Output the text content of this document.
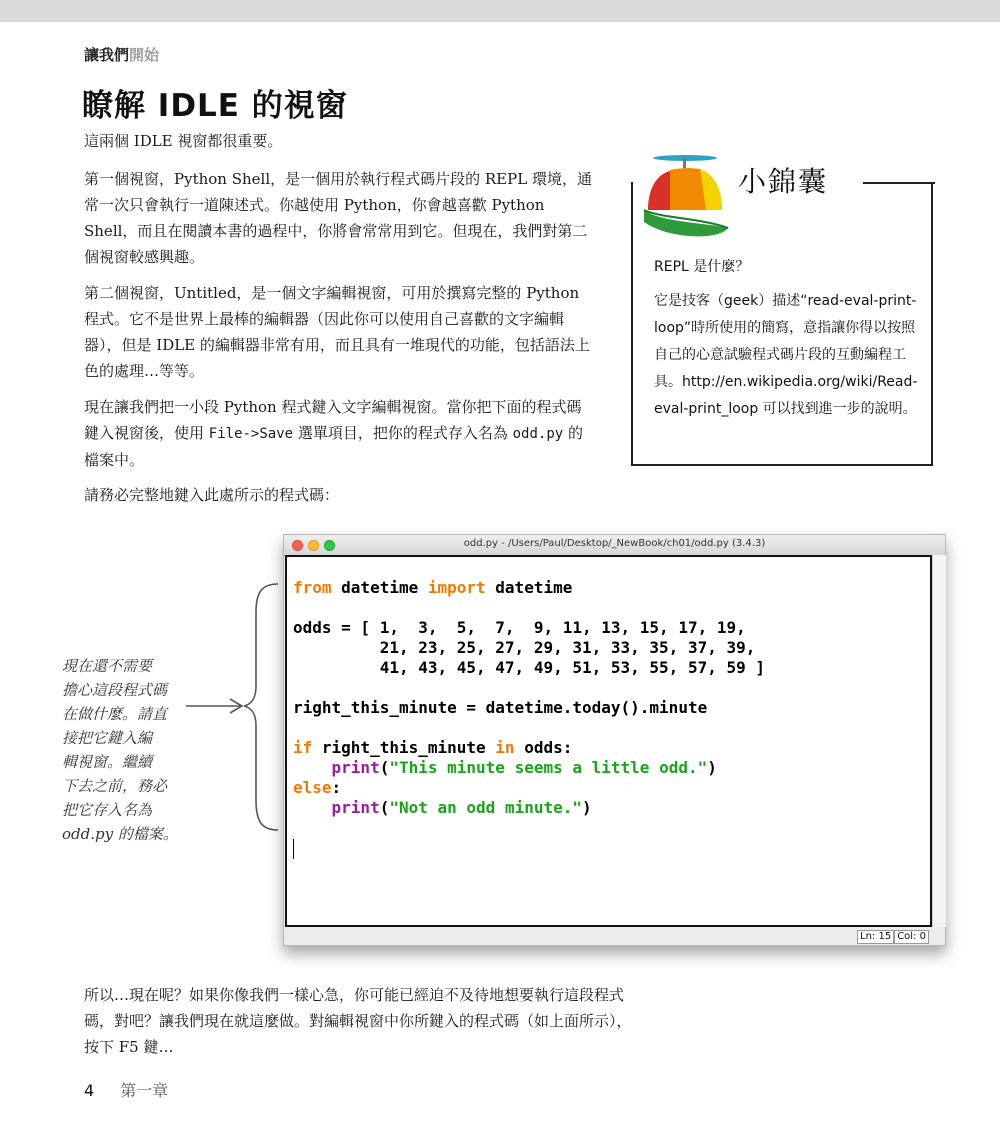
讓我們開始
瞭解 IDLE 的視窗

這兩個 IDLE 視窗都很重要。

第一個視窗，Python Shell，是一個用於執行程式碼片段的 REPL 環境，通常一次只會執行一道陳述式。你越使用 Python，你會越喜歡 Python Shell，而且在閱讀本書的過程中，你將會常常用到它。但現在，我們對第二個視窗較感興趣。

第二個視窗，Untitled，是一個文字編輯視窗，可用於撰寫完整的 Python 程式。它不是世界上最棒的編輯器（因此你可以使用自己喜歡的文字編輯器），但是 IDLE 的編輯器非常有用，而且具有一堆現代的功能，包括語法上色的處理…等等。

現在讓我們把一小段 Python 程式鍵入文字編輯視窗。當你把下面的程式碼鍵入視窗後，使用 File->Save 選單項目，把你的程式存入名為 odd.py 的檔案中。

請務必完整地鍵入此處所示的程式碼：

小錦囊

REPL 是什麼？

它是技客（geek）描述“read-eval-print-loop”時所使用的簡寫，意指讓你得以按照自己的心意試驗程式碼片段的互動編程工具。http://en.wikipedia.org/wiki/Read-eval-print_loop 可以找到進一步的說明。

現在還不需要
擔心這段程式碼
在做什麼。請直
接把它鍵入編
輯視窗。繼續
下去之前，務必
把它存入名為
odd.py 的檔案。
odd.py - /Users/Paul/Desktop/_NewBook/ch01/odd.py (3.4.3)
from datetime import datetime

odds = [ 1,  3,  5,  7,  9, 11, 13, 15, 17, 19,
21, 23, 25, 27, 29, 31, 33, 35, 37, 39,
41, 43, 45, 47, 49, 51, 53, 55, 57, 59 ]

right_this_minute = datetime.today().minute

if right_this_minute in odds:
print("This minute seems a little odd.")
else:
print("Not an odd minute.")
Ln: 15 Col: 0

所以…現在呢？如果你像我們一樣心急，你可能已經迫不及待地想要執行這段程式碼，對吧？讓我們現在就這麼做。對編輯視窗中你所鍵入的程式碼（如上面所示），按下 F5 鍵…

4 第一章
